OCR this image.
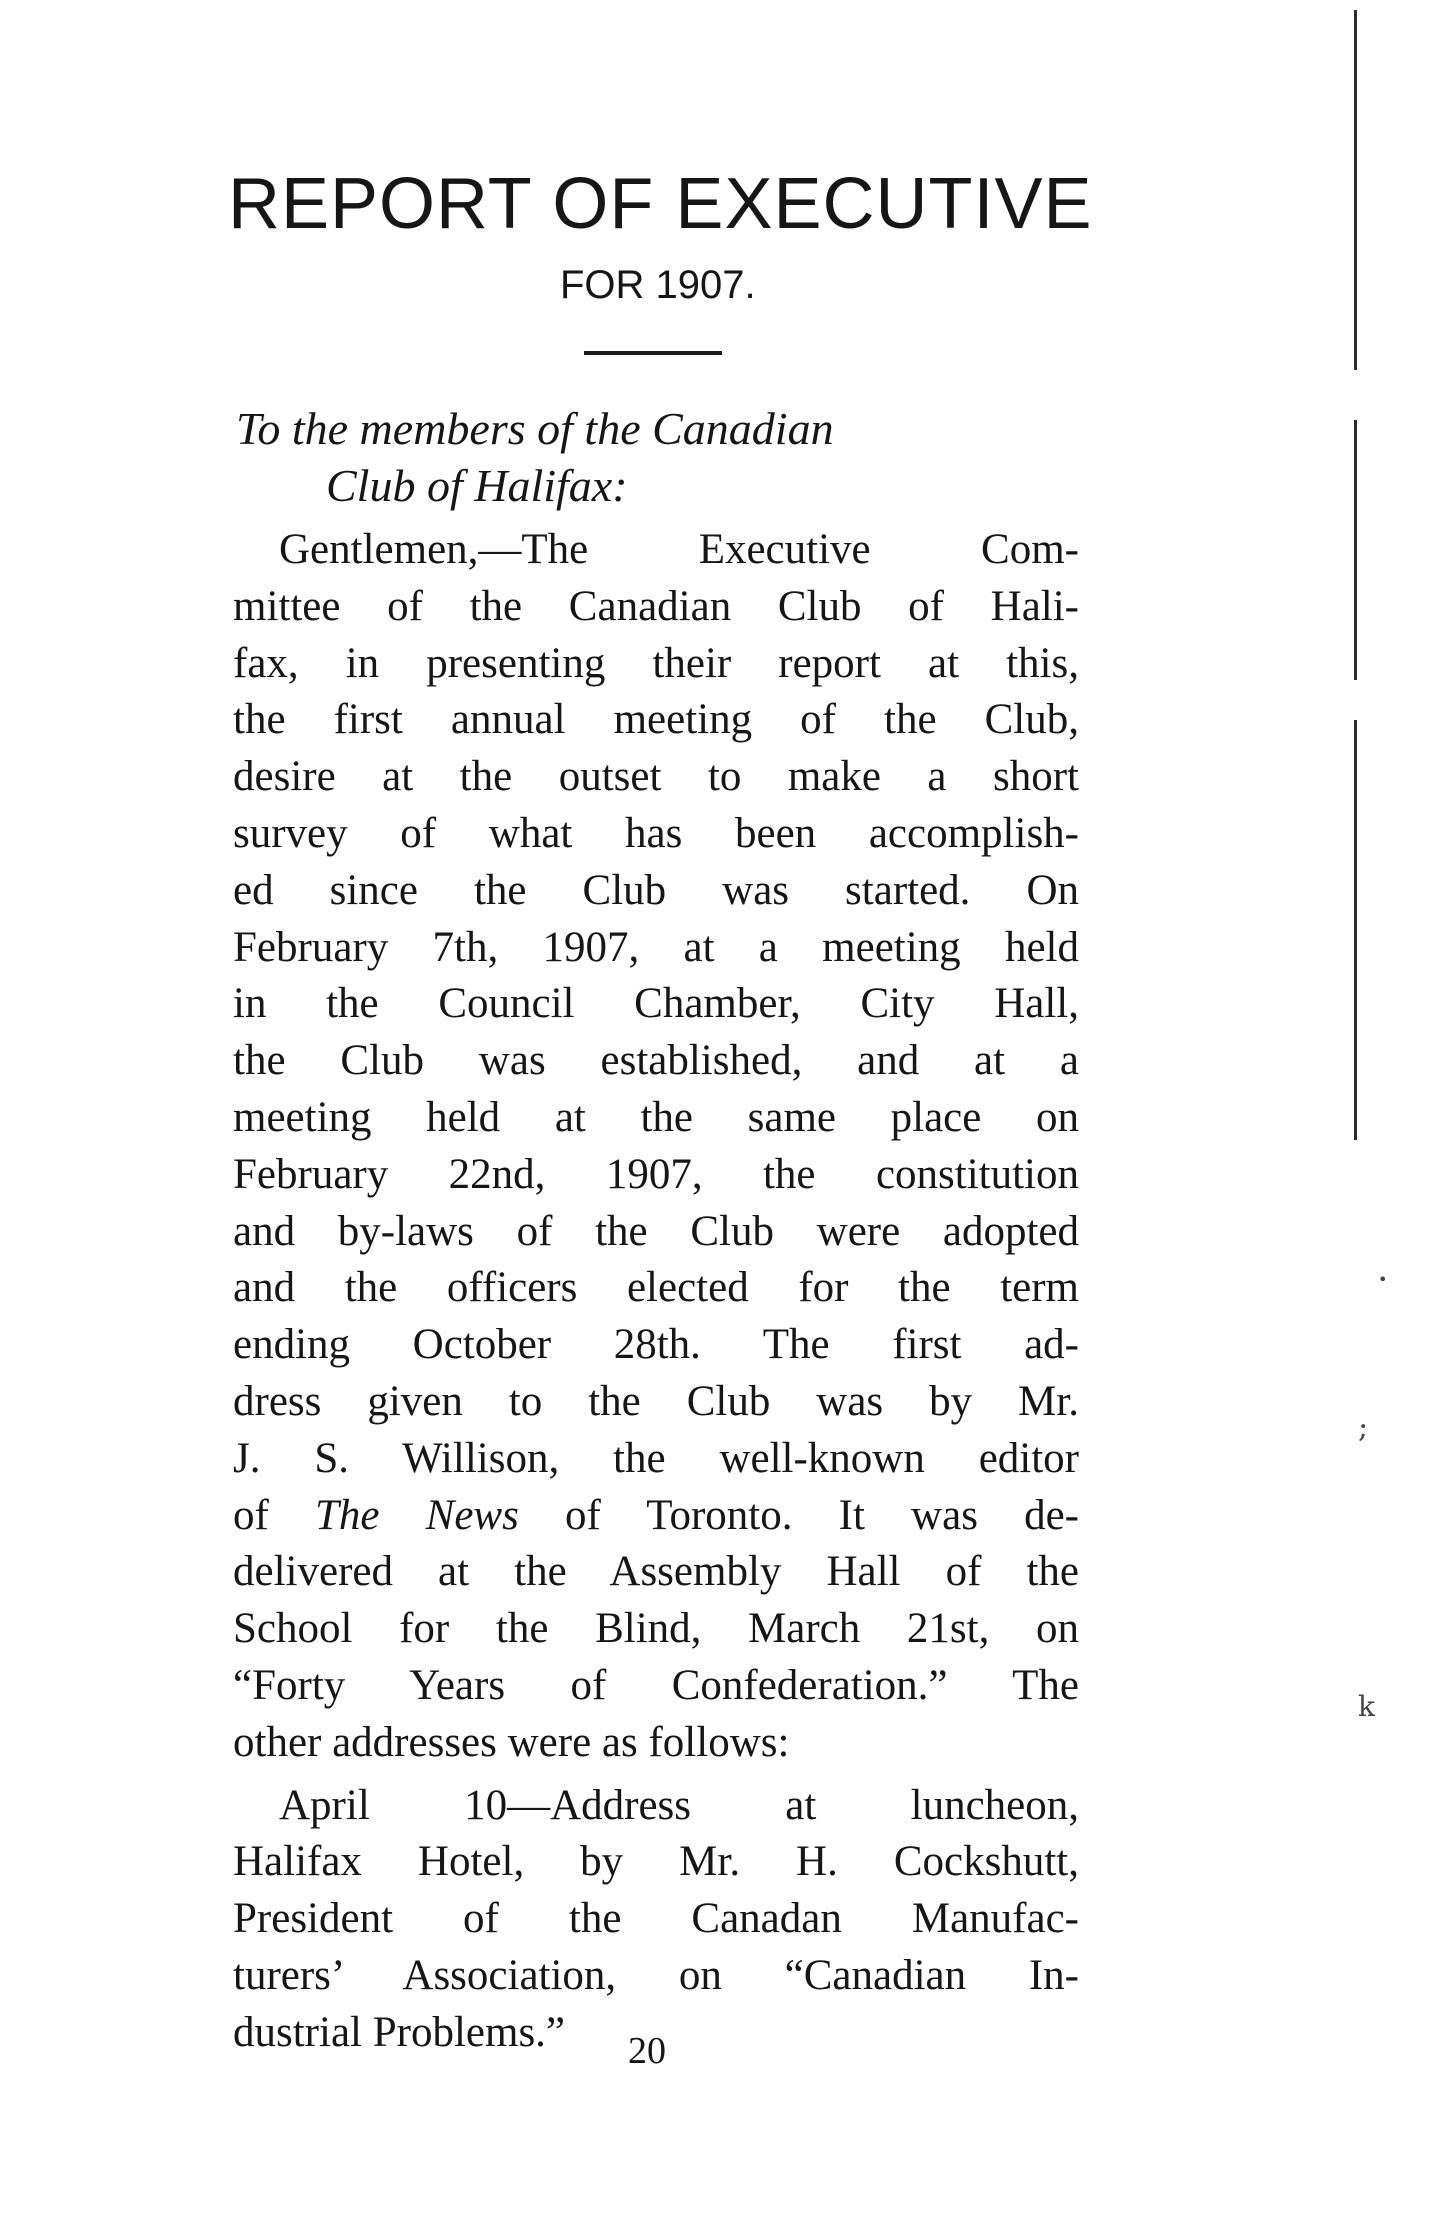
REPORT OF EXECUTIVE
FOR 1907.
To the members of the Canadian
Club of Halifax:
Gentlemen,—The Executive Com-
mittee of the Canadian Club of Hali-
fax, in presenting their report at this,
the first annual meeting of the Club,
desire at the outset to make a short
survey of what has been accomplish-
ed since the Club was started. On
February 7th, 1907, at a meeting held
in the Council Chamber, City Hall,
the Club was established, and at a
meeting held at the same place on
February 22nd, 1907, the constitution
and by-laws of the Club were adopted
and the officers elected for the term
ending October 28th. The first ad-
dress given to the Club was by Mr.
J. S. Willison, the well-known editor
of The News of Toronto. It was de-
delivered at the Assembly Hall of the
School for the Blind, March 21st, on
“Forty Years of Confederation.” The
other addresses were as follows:
April 10—Address at luncheon,
Halifax Hotel, by Mr. H. Cockshutt,
President of the Canadan Manufac-
turers’ Association, on “Canadian In-
dustrial Problems.”	20
•
;
k
